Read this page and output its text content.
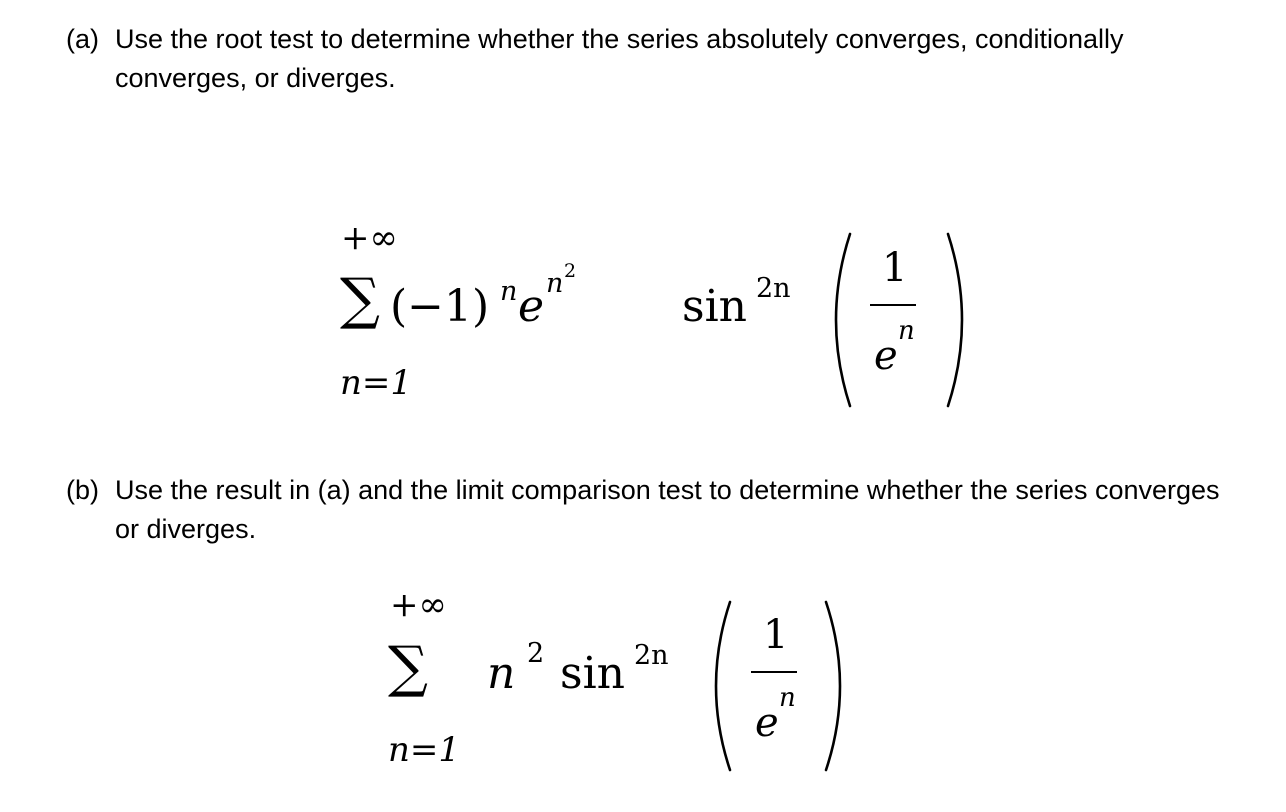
(a) Use the root test to determine whether the series absolutely converges, conditionally converges, or diverges.
+∞
∑
n=1
(−1) n e n 2
sin 2n 1
e
n
(b) Use the result in (a) and the limit comparison test to determine whether the series converges or diverges.
+∞
∑
n=1
n 2 sin 2n 1
e
n
